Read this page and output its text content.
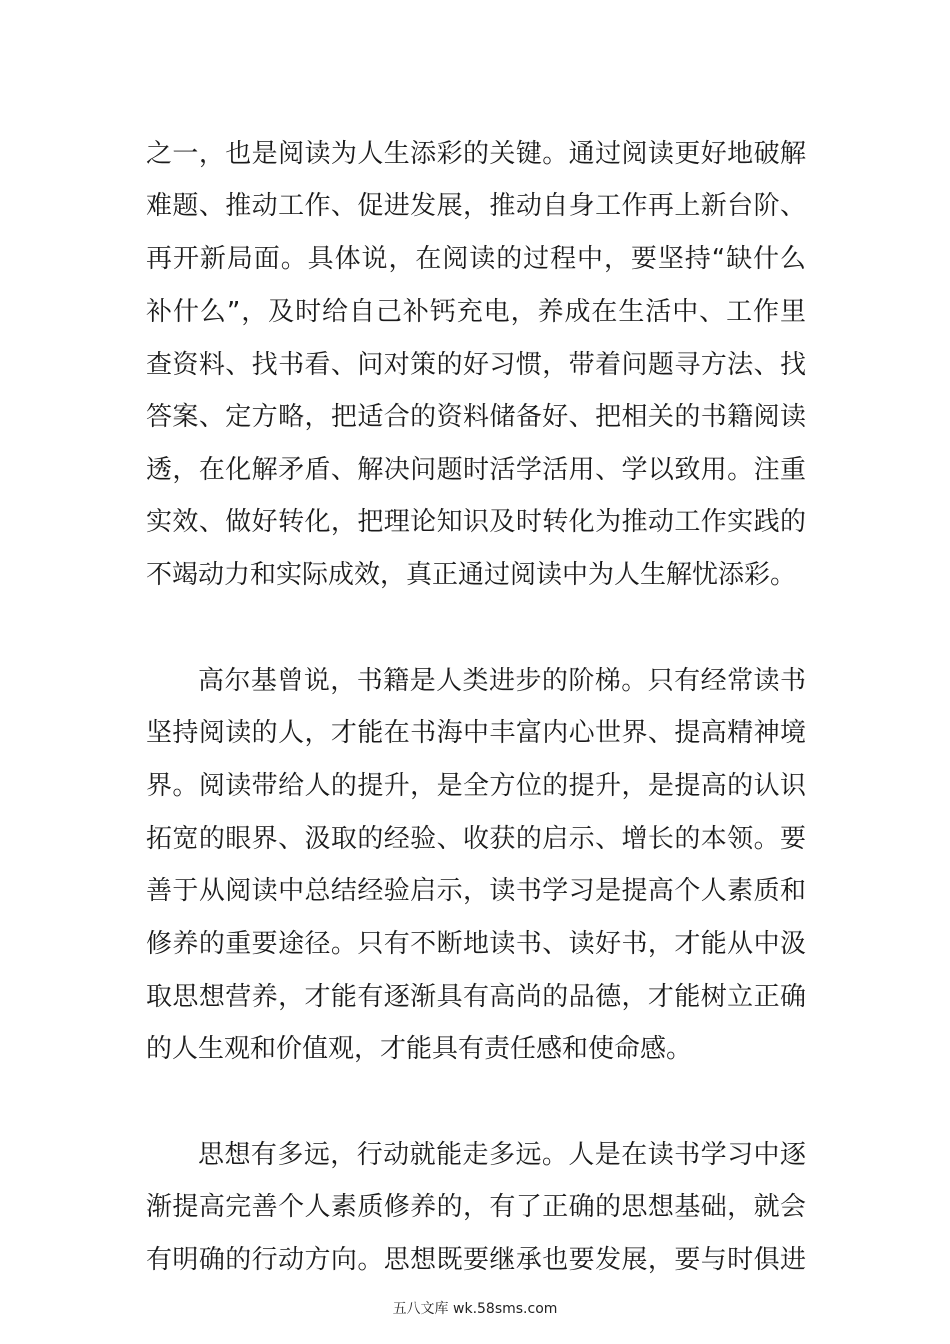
之一，也是阅读为人生添彩的关键。通过阅读更好地破解
难题、推动工作、促进发展，推动自身工作再上新台阶、
再开新局面。具体说，在阅读的过程中，要坚持“缺什么
补什么”，及时给自己补钙充电，养成在生活中、工作里
查资料、找书看、问对策的好习惯，带着问题寻方法、找
答案、定方略，把适合的资料储备好、把相关的书籍阅读
透，在化解矛盾、解决问题时活学活用、学以致用。注重
实效、做好转化，把理论知识及时转化为推动工作实践的
不竭动力和实际成效，真正通过阅读中为人生解忧添彩。
高尔基曾说，书籍是人类进步的阶梯。只有经常读书
坚持阅读的人，才能在书海中丰富内心世界、提高精神境
界。阅读带给人的提升，是全方位的提升，是提高的认识
拓宽的眼界、汲取的经验、收获的启示、增长的本领。要
善于从阅读中总结经验启示，读书学习是提高个人素质和
修养的重要途径。只有不断地读书、读好书，才能从中汲
取思想营养，才能有逐渐具有高尚的品德，才能树立正确
的人生观和价值观，才能具有责任感和使命感。
思想有多远，行动就能走多远。人是在读书学习中逐
渐提高完善个人素质修养的，有了正确的思想基础，就会
有明确的行动方向。思想既要继承也要发展，要与时俱进
五八文库 wk.58sms.com
